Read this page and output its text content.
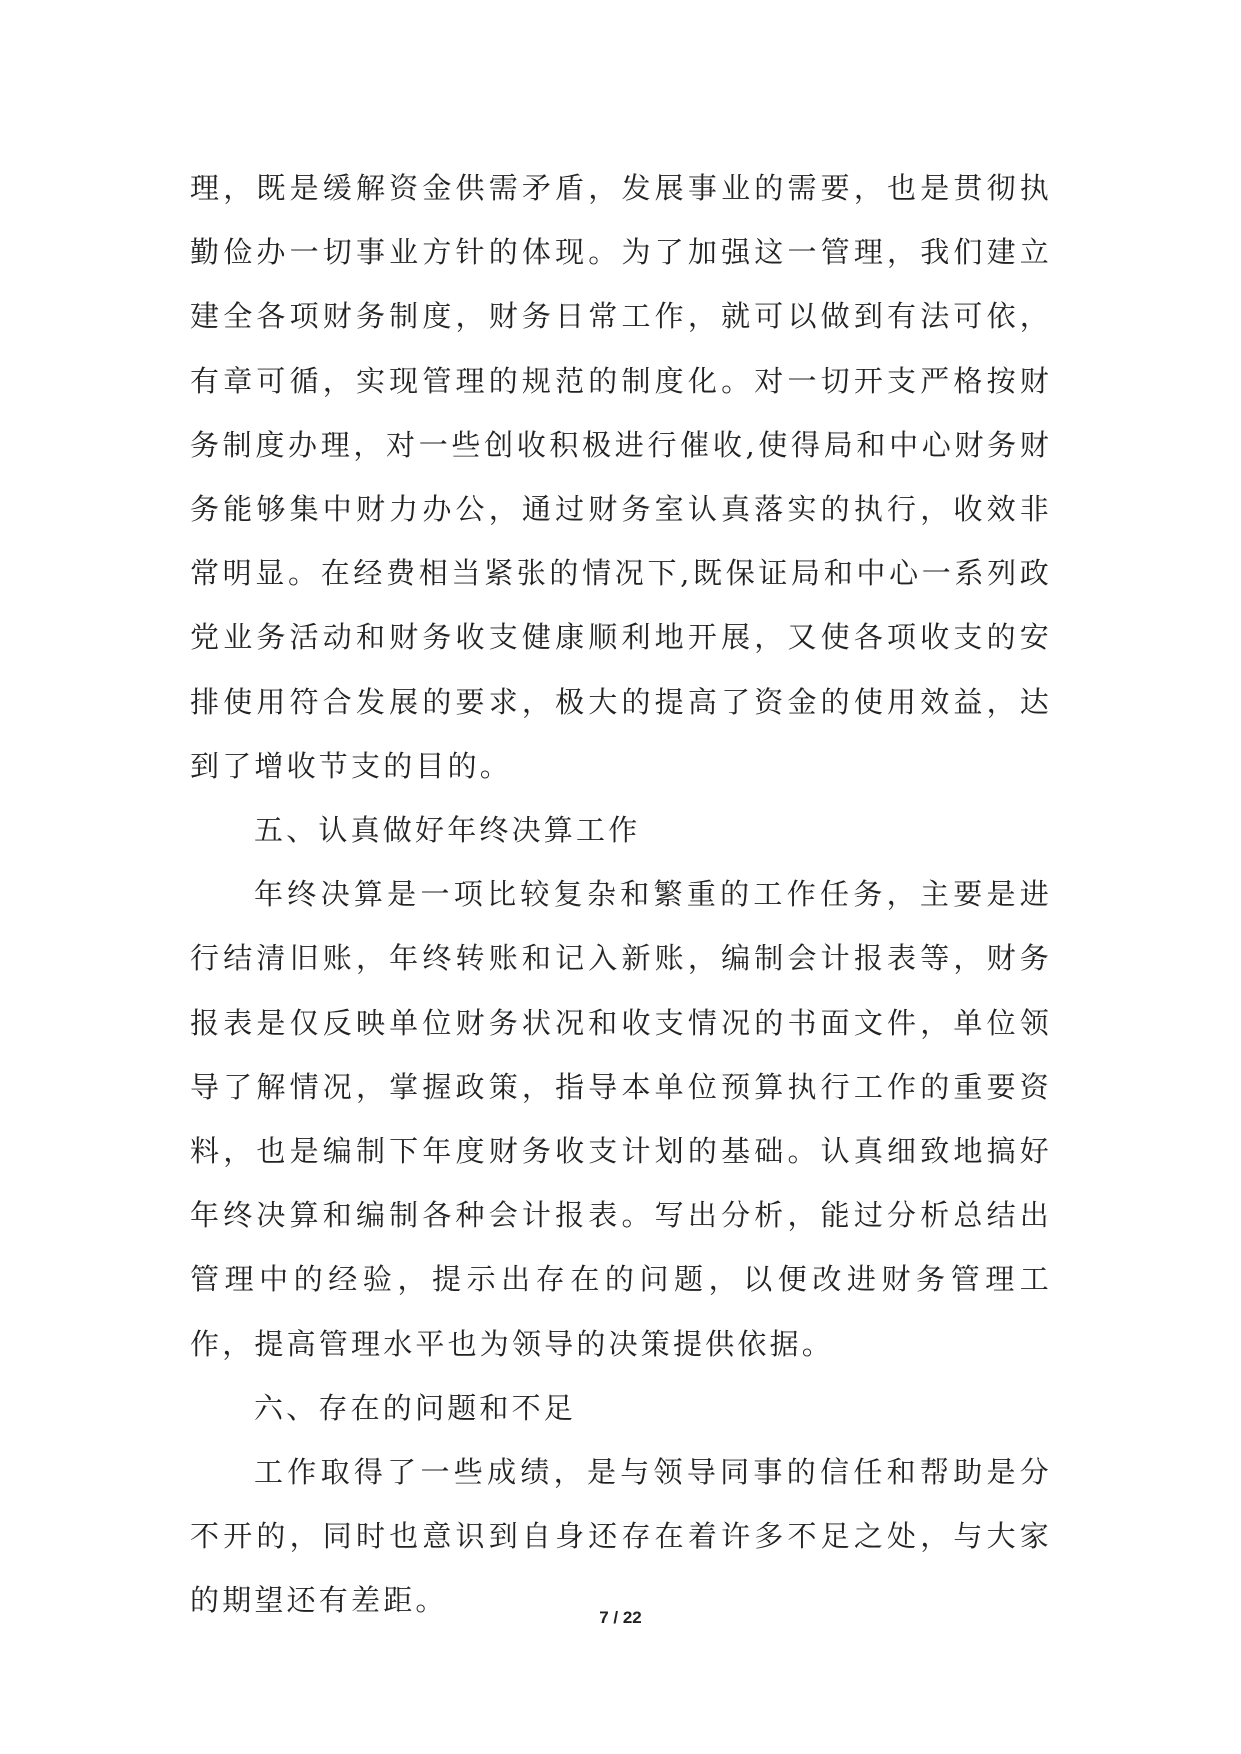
理，既是缓解资金供需矛盾，发展事业的需要，也是贯彻执勤俭办一切事业方针的体现。为了加强这一管理，我们建立建全各项财务制度，财务日常工作，就可以做到有法可依，有章可循，实现管理的规范的制度化。对一切开支严格按财务制度办理，对一些创收积极进行催收,使得局和中心财务财务能够集中财力办公，通过财务室认真落实的执行，收效非常明显。在经费相当紧张的情况下,既保证局和中心一系列政党业务活动和财务收支健康顺利地开展，又使各项收支的安排使用符合发展的要求，极大的提高了资金的使用效益，达到了增收节支的目的。

五、认真做好年终决算工作

年终决算是一项比较复杂和繁重的工作任务，主要是进行结清旧账，年终转账和记入新账，编制会计报表等，财务报表是仅反映单位财务状况和收支情况的书面文件，单位领导了解情况，掌握政策，指导本单位预算执行工作的重要资料，也是编制下年度财务收支计划的基础。认真细致地搞好年终决算和编制各种会计报表。写出分析，能过分析总结出管理中的经验，提示出存在的问题，以便改进财务管理工作，提高管理水平也为领导的决策提供依据。

六、存在的问题和不足

工作取得了一些成绩，是与领导同事的信任和帮助是分不开的，同时也意识到自身还存在着许多不足之处，与大家的期望还有差距。

7 / 22
